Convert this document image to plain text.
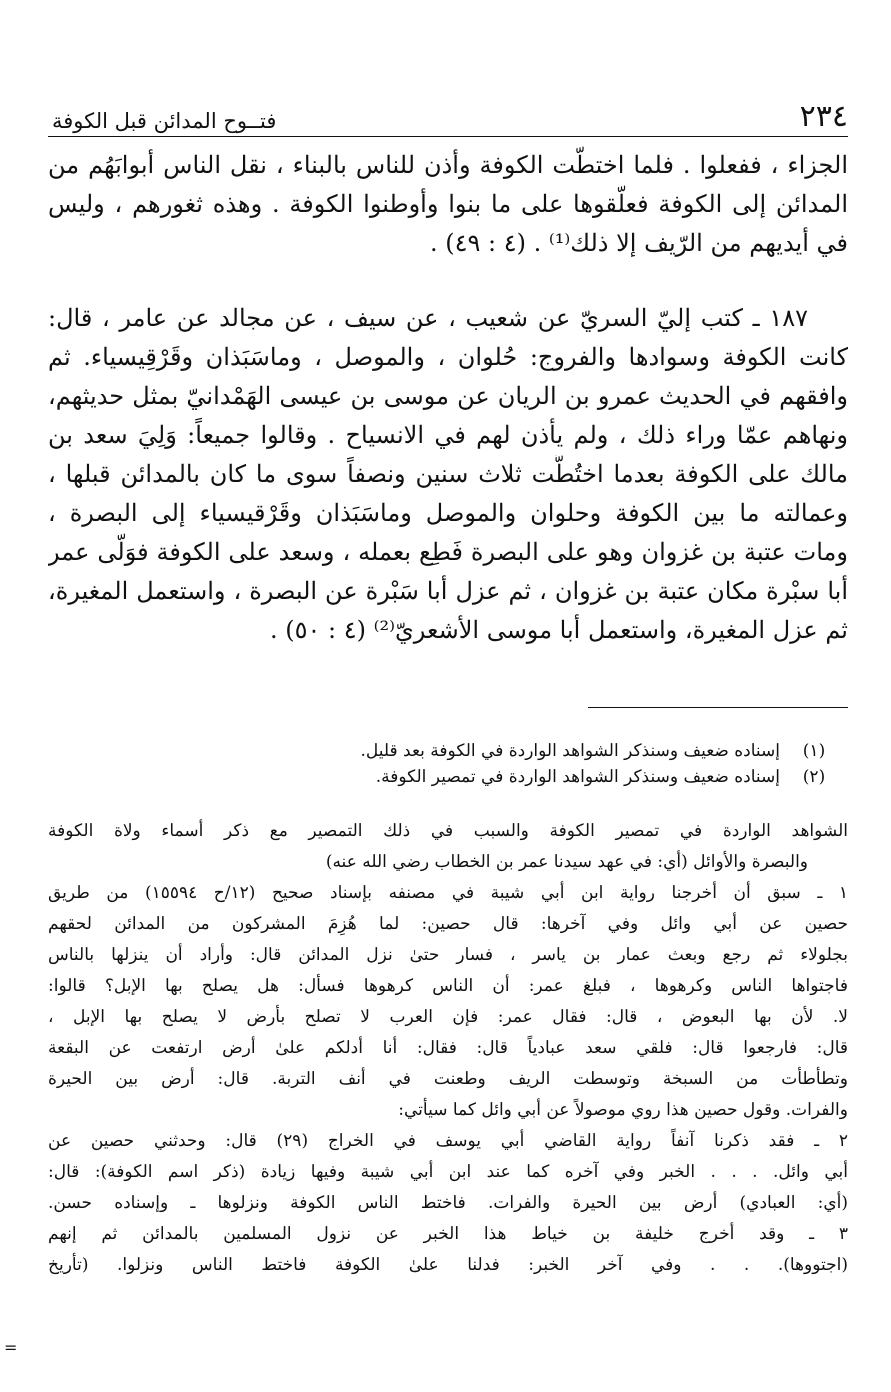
٢٣٤
فتــوح المدائن قبل الكوفة
الجزاء ، ففعلوا . فلما اختطّت الكوفة وأذن للناس بالبناء ، نقل الناس أبوابَهُم من
المدائن إلى الكوفة فعلّقوها على ما بنوا وأوطنوا الكوفة . وهذه ثغورهم ، وليس
في أيديهم من الرّيف إلا ذلك⁽¹⁾ . (٤ : ٤٩) .
١٨٧ ـ كتب إليّ السريّ عن شعيب ، عن سيف ، عن مجالد عن عامر ، قال:
كانت الكوفة وسوادها والفروج: حُلوان ، والموصل ، وماسَبَذان وقَرْقِيسياء. ثم
وافقهم في الحديث عمرو بن الريان عن موسى بن عيسى الهَمْدانيّ بمثل حديثهم،
ونهاهم عمّا وراء ذلك ، ولم يأذن لهم في الانسياح . وقالوا جميعاً: وَلِيَ سعد بن
مالك على الكوفة بعدما اختُطَّت ثلاث سنين ونصفاً سوى ما كان بالمدائن قبلها ،
وعمالته ما بين الكوفة وحلوان والموصل وماسَبَذان وقَرْقيسياء إلى البصرة ،
ومات عتبة بن غزوان وهو على البصرة فَطِع بعمله ، وسعد على الكوفة فوَلّى عمر
أبا سبْرة مكان عتبة بن غزوان ، ثم عزل أبا سَبْرة عن البصرة ، واستعمل المغيرة،
ثم عزل المغيرة، واستعمل أبا موسى الأشعريّ⁽²⁾ (٤ : ٥٠) .
(١)
إسناده ضعيف وسنذكر الشواهد الواردة في الكوفة بعد قليل.
(٢)
إسناده ضعيف وسنذكر الشواهد الواردة في تمصير الكوفة.
الشواهد الواردة في تمصير الكوفة والسبب في ذلك التمصير مع ذكر أسماء ولاة الكوفة
والبصرة والأوائل (أي: في عهد سيدنا عمر بن الخطاب رضي الله عنه)
١ ـ سبق أن أخرجنا رواية ابن أبي شيبة في مصنفه بإسناد صحيح (١٢/ح ١٥٥٩٤) من طريق
حصين عن أبي وائل وفي آخرها: قال حصين: لما هُزِمَ المشركون من المدائن لحقهم
بجلولاء ثم رجع وبعث عمار بن ياسر ، فسار حتىٰ نزل المدائن قال: وأراد أن ينزلها بالناس
فاجتواها الناس وكرهوها ، فبلغ عمر: أن الناس كرهوها فسأل: هل يصلح بها الإبل؟ قالوا:
لا. لأن بها البعوض ، قال: فقال عمر: فإن العرب لا تصلح بأرض لا يصلح بها الإبل ،
قال: فارجعوا قال: فلقي سعد عبادياً قال: فقال: أنا أدلكم علىٰ أرض ارتفعت عن البقعة
وتطأطأت من السبخة وتوسطت الريف وطعنت في أنف التربة. قال: أرض بين الحيرة
والفرات. وقول حصين هذا روي موصولاً عن أبي وائل كما سيأتي:
٢ ـ فقد ذكرنا آنفاً رواية القاضي أبي يوسف في الخراج (٢٩) قال: وحدثني حصين عن
أبي وائل. . . . الخبر وفي آخره كما عند ابن أبي شيبة وفيها زيادة (ذكر اسم الكوفة): قال:
(أي: العبادي) أرض بين الحيرة والفرات. فاختط الناس الكوفة ونزلوها ـ وإسناده حسن.
٣ ـ وقد أخرج خليفة بن خياط هذا الخبر عن نزول المسلمين بالمدائن ثم إنهم
(اجتووها). . . وفي آخر الخبر: فدلنا علىٰ الكوفة فاختط الناس ونزلوا. (تأريخ
=
